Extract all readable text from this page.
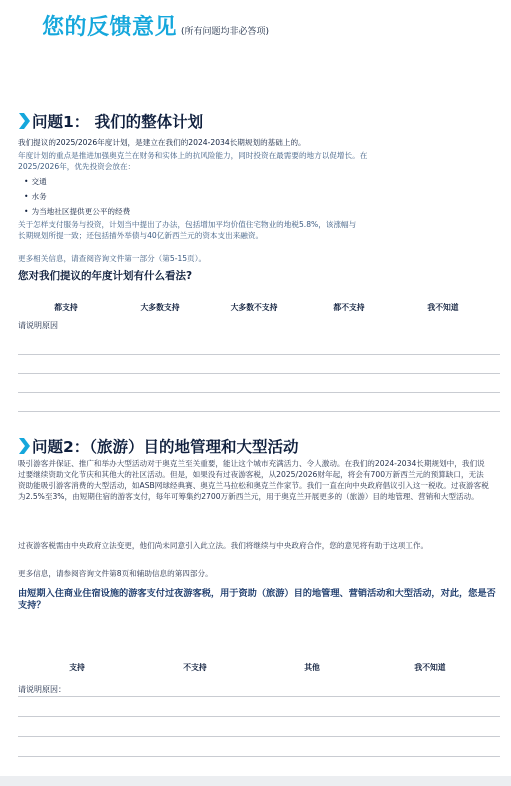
您的反馈意见 (所有问题均非必答项)
问题1： 我们的整体计划
我们提议的2025/2026年度计划，是建立在我们的2024-2034长期规划的基础上的。
年度计划的重点是推进加强奥克兰在财务和实体上的抗风险能力，同时投资在最需要的地方以促增长。在2025/2026年，优先投资会放在：
• 交通
• 水务
• 为当地社区提供更公平的经费
关于怎样支付服务与投资，计划当中提出了办法，包括增加平均价值住宅物业的地税5.8%，该涨幅与长期规划所提一致；还包括描外举债与40亿新西兰元的资本支出来融资。
更多相关信息，请查阅咨询文件第一部分（第5-15页）。
您对我们提议的年度计划有什么看法?
都支持	大多数支持	大多数不支持	都不支持	我不知道
请说明原因
问题2：（旅游）目的地管理和大型活动
吸引游客并保证、推广和举办大型活动对于奥克兰至关重要，能让这个城市充满活力、令人激动。在我们的2024-2034长期规划中，我们说过要继续资助文化节庆和其他大的社区活动。但是，如果没有过夜游客税，从2025/2026财年起，将会有700万新西兰元的预算缺口，无法资助能吸引游客消费的大型活动，如ASB网球经典赛、奥克兰马拉松和奥克兰作家节。我们一直在向中央政府倡议引入这一税收。过夜游客税为2.5%至3%，由短期住宿的游客支付，每年可筹集约2700万新西兰元，用于奥克兰开展更多的（旅游）目的地管理、营销和大型活动。
过夜游客税需由中央政府立法变更，他们尚未同意引入此立法。我们将继续与中央政府合作，您的意见将有助于这项工作。
更多信息，请参阅咨询文件第8页和辅助信息的第四部分。
由短期入住商业住宿设施的游客支付过夜游客税，用于资助（旅游）目的地管理、营销活动和大型活动，对此，您是否支持？
支持	不支持	其他	我不知道
请说明原因：
